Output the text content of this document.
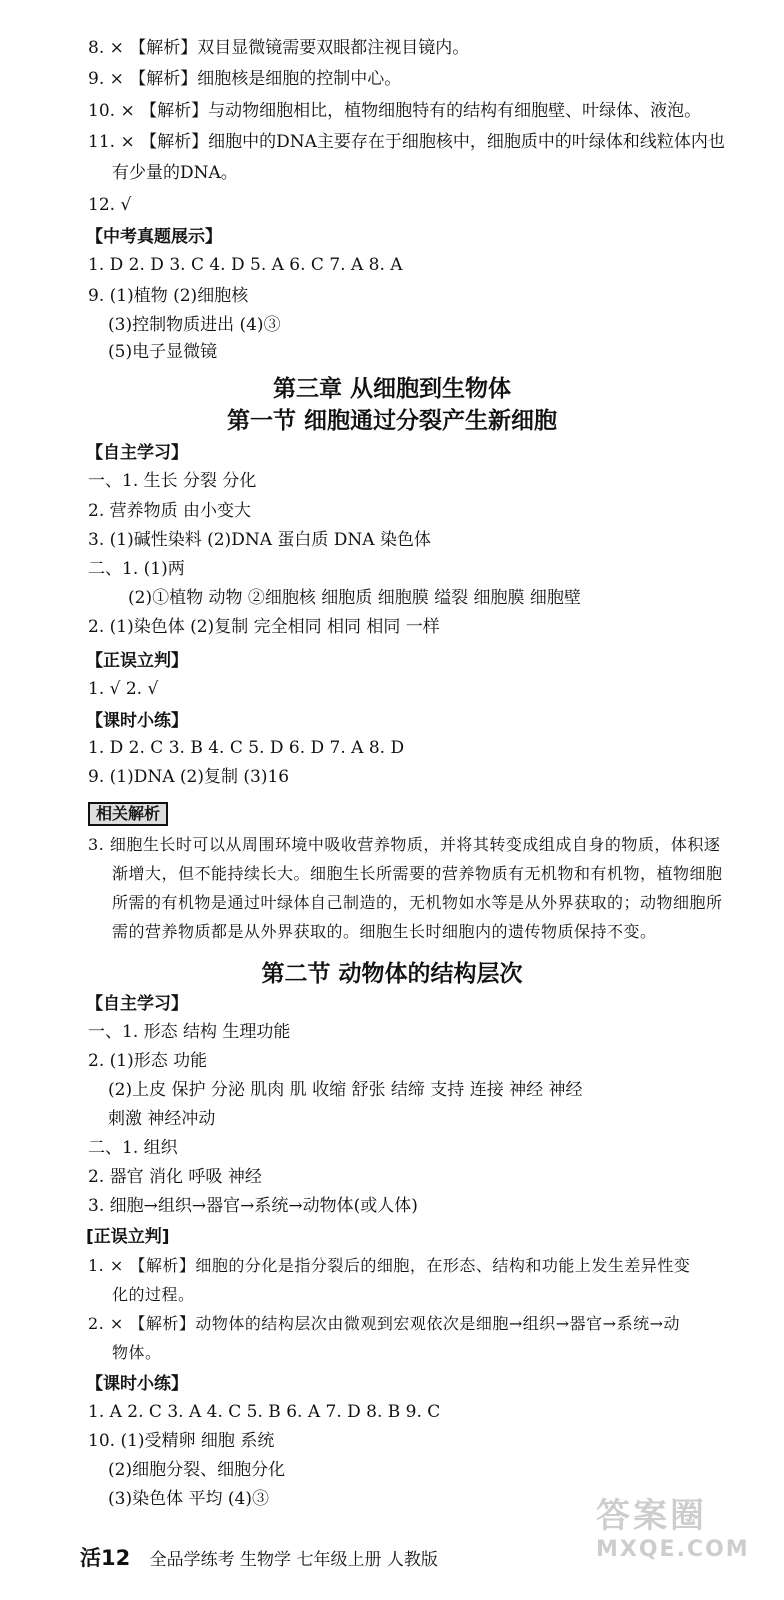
8. × 【解析】双目显微镜需要双眼都注视目镜内。
9. × 【解析】细胞核是细胞的控制中心。
10. × 【解析】与动物细胞相比，植物细胞特有的结构有细胞壁、叶绿体、液泡。
11. × 【解析】细胞中的DNA主要存在于细胞核中，细胞质中的叶绿体和线粒体内也
有少量的DNA。
12. √
【中考真题展示】
1. D 2. D 3. C 4. D 5. A 6. C 7. A 8. A
9. (1)植物 (2)细胞核
(3)控制物质进出 (4)③
(5)电子显微镜
第三章 从细胞到生物体
第一节 细胞通过分裂产生新细胞
【自主学习】
一、1. 生长 分裂 分化
2. 营养物质 由小变大
3. (1)碱性染料 (2)DNA 蛋白质 DNA 染色体
二、1. (1)两
(2)①植物 动物 ②细胞核 细胞质 细胞膜 缢裂 细胞膜 细胞壁
2. (1)染色体 (2)复制 完全相同 相同 相同 一样
【正误立判】
1. √ 2. √
【课时小练】
1. D 2. C 3. B 4. C 5. D 6. D 7. A 8. D
9. (1)DNA (2)复制 (3)16
相关解析
3. 细胞生长时可以从周围环境中吸收营养物质，并将其转变成组成自身的物质，体积逐
渐增大，但不能持续长大。细胞生长所需要的营养物质有无机物和有机物，植物细胞
所需的有机物是通过叶绿体自己制造的，无机物如水等是从外界获取的；动物细胞所
需的营养物质都是从外界获取的。细胞生长时细胞内的遗传物质保持不变。
第二节 动物体的结构层次
【自主学习】
一、1. 形态 结构 生理功能
2. (1)形态 功能
(2)上皮 保护 分泌 肌肉 肌 收缩 舒张 结缔 支持 连接 神经 神经
刺激 神经冲动
二、1. 组织
2. 器官 消化 呼吸 神经
3. 细胞→组织→器官→系统→动物体(或人体)
[正误立判]
1. × 【解析】细胞的分化是指分裂后的细胞，在形态、结构和功能上发生差异性变
化的过程。
2. × 【解析】动物体的结构层次由微观到宏观依次是细胞→组织→器官→系统→动
物体。
【课时小练】
1. A 2. C 3. A 4. C 5. B 6. A 7. D 8. B 9. C
10. (1)受精卵 细胞 系统
(2)细胞分裂、细胞分化
(3)染色体 平均 (4)③
活12 全品学练考 生物学 七年级上册 人教版
答案圈
MXQE.COM
